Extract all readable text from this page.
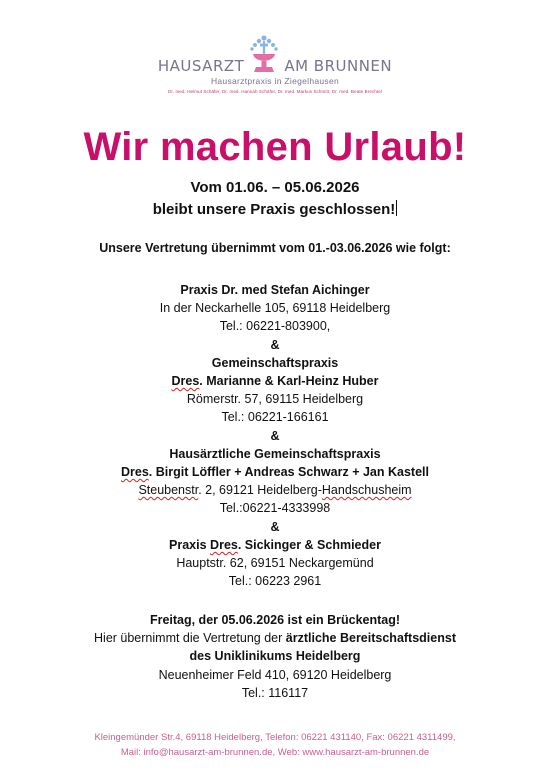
HAUSARZT	AM BRUNNEN
Hausarztpraxis in Ziegelhausen
Dr. med. Helmut Schäfer, Dr. med. Hannah Schäfer, Dr. med. Markus Schmitt, Dr. med. Beate Brechtel
Wir machen Urlaub!
Vom 01.06. – 05.06.2026
bleibt unsere Praxis geschlossen!
Unsere Vertretung übernimmt vom 01.-03.06.2026 wie folgt:
Praxis Dr. med Stefan Aichinger
In der Neckarhelle 105, 69118 Heidelberg
Tel.: 06221-803900,
&
Gemeinschaftspraxis
Dres. Marianne & Karl-Heinz Huber
Römerstr. 57, 69115 Heidelberg
Tel.: 06221-166161
&
Hausärztliche Gemeinschaftspraxis
Dres. Birgit Löffler + Andreas Schwarz + Jan Kastell
Steubenstr. 2, 69121 Heidelberg-Handschusheim
Tel.:06221-4333998
&
Praxis Dres. Sickinger & Schmieder
Hauptstr. 62, 69151 Neckargemünd
Tel.: 06223 2961
Freitag, der 05.06.2026 ist ein Brückentag!
Hier übernimmt die Vertretung der ärztliche Bereitschaftsdienst
des Uniklinikums Heidelberg
Neuenheimer Feld 410, 69120 Heidelberg
Tel.: 116117
Kleingemünder Str.4, 69118 Heidelberg, Telefon: 06221 431140, Fax: 06221 4311499,
Mail: info@hausarzt-am-brunnen.de, Web: www.hausarzt-am-brunnen.de
